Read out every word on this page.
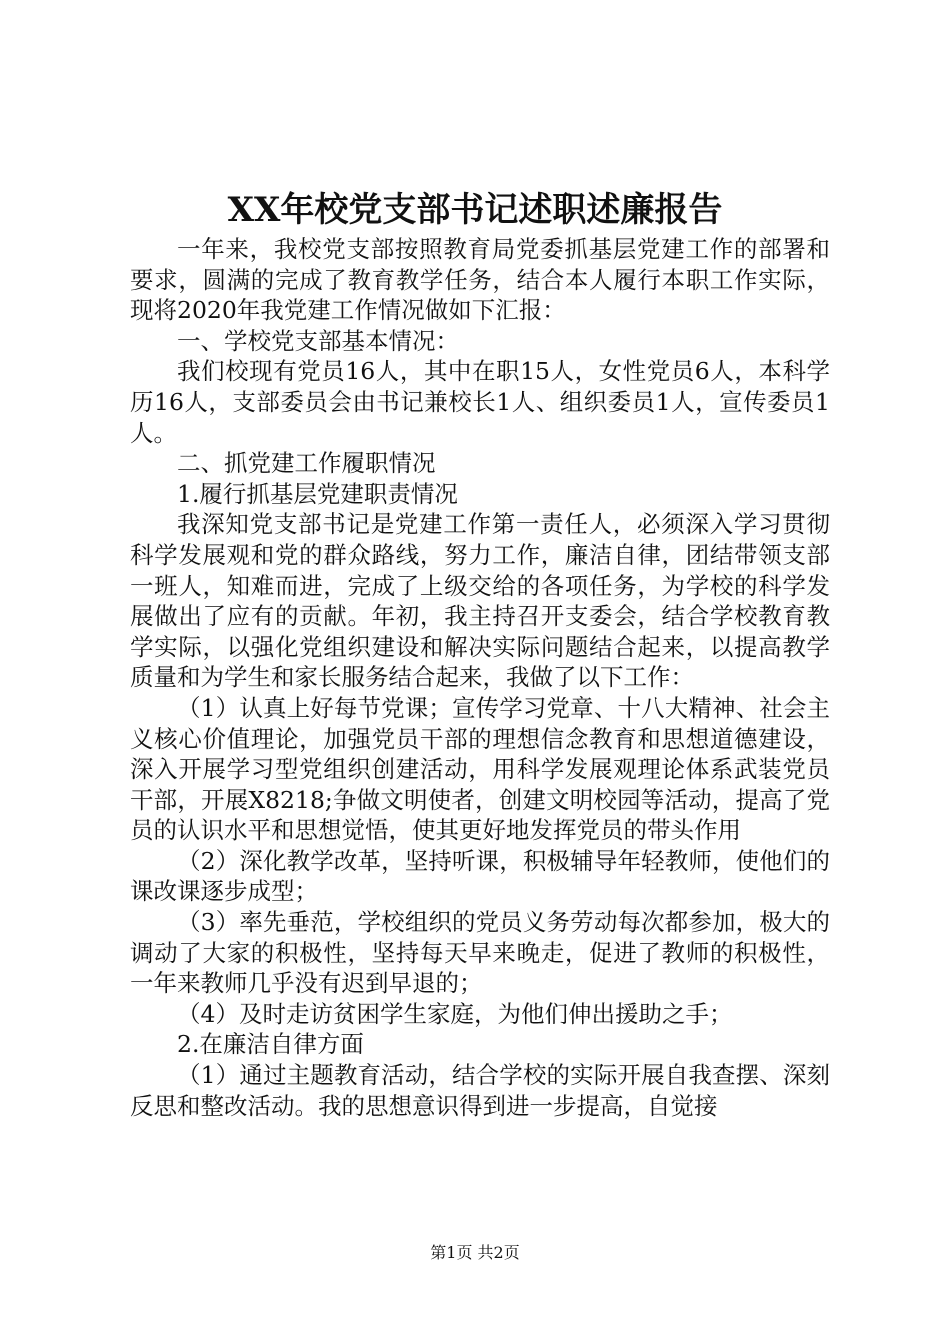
XX年校党支部书记述职述廉报告

一年来，我校党支部按照教育局党委抓基层党建工作的部署和要求，圆满的完成了教育教学任务，结合本人履行本职工作实际，现将2020年我党建工作情况做如下汇报：

一、学校党支部基本情况：

我们校现有党员16人，其中在职15人，女性党员6人，本科学历16人，支部委员会由书记兼校长1人、组织委员1人，宣传委员1人。

二、抓党建工作履职情况

1.履行抓基层党建职责情况

我深知党支部书记是党建工作第一责任人，必须深入学习贯彻科学发展观和党的群众路线，努力工作，廉洁自律，团结带领支部一班人，知难而进，完成了上级交给的各项任务，为学校的科学发展做出了应有的贡献。年初，我主持召开支委会，结合学校教育教学实际，以强化党组织建设和解决实际问题结合起来，以提高教学质量和为学生和家长服务结合起来，我做了以下工作：

（1）认真上好每节党课；宣传学习党章、十八大精神、社会主义核心价值理论，加强党员干部的理想信念教育和思想道德建设，深入开展学习型党组织创建活动，用科学发展观理论体系武装党员干部，开展X8218;争做文明使者，创建文明校园等活动，提高了党员的认识水平和思想觉悟，使其更好地发挥党员的带头作用

（2）深化教学改革，坚持听课，积极辅导年轻教师，使他们的课改课逐步成型；

（3）率先垂范，学校组织的党员义务劳动每次都参加，极大的调动了大家的积极性，坚持每天早来晚走，促进了教师的积极性，一年来教师几乎没有迟到早退的；

（4）及时走访贫困学生家庭，为他们伸出援助之手；

2.在廉洁自律方面

（1）通过主题教育活动，结合学校的实际开展自我查摆、深刻反思和整改活动。我的思想意识得到进一步提高，自觉接

第1页 共2页
